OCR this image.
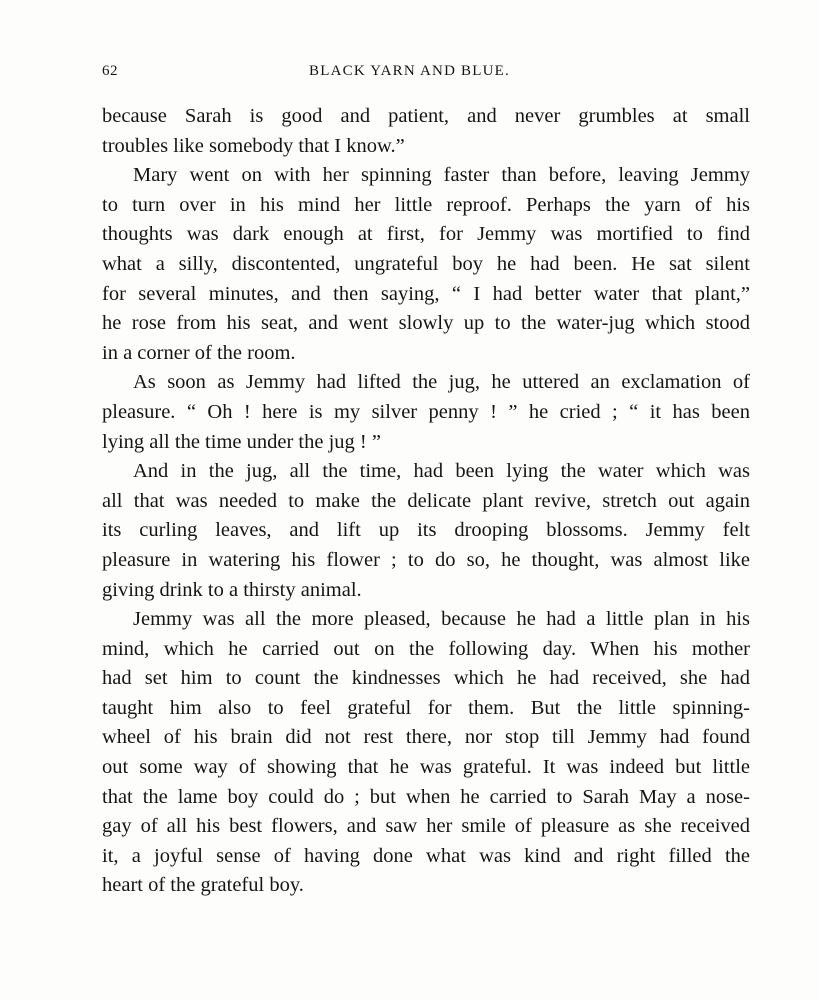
62	BLACK YARN AND BLUE.
because Sarah is good and patient, and never grumbles at small
troubles like somebody that I know.”
Mary went on with her spinning faster than before, leaving Jemmy
to turn over in his mind her little reproof. Perhaps the yarn of his
thoughts was dark enough at first, for Jemmy was mortified to find
what a silly, discontented, ungrateful boy he had been. He sat silent
for several minutes, and then saying, “ I had better water that plant,”
he rose from his seat, and went slowly up to the water-jug which stood
in a corner of the room.
As soon as Jemmy had lifted the jug, he uttered an exclamation of
pleasure. “ Oh ! here is my silver penny ! ” he cried ; “ it has been
lying all the time under the jug ! ”
And in the jug, all the time, had been lying the water which was
all that was needed to make the delicate plant revive, stretch out again
its curling leaves, and lift up its drooping blossoms. Jemmy felt
pleasure in watering his flower ; to do so, he thought, was almost like
giving drink to a thirsty animal.
Jemmy was all the more pleased, because he had a little plan in his
mind, which he carried out on the following day. When his mother
had set him to count the kindnesses which he had received, she had
taught him also to feel grateful for them. But the little spinning-
wheel of his brain did not rest there, nor stop till Jemmy had found
out some way of showing that he was grateful. It was indeed but little
that the lame boy could do ; but when he carried to Sarah May a nose-
gay of all his best flowers, and saw her smile of pleasure as she received
it, a joyful sense of having done what was kind and right filled the
heart of the grateful boy.
